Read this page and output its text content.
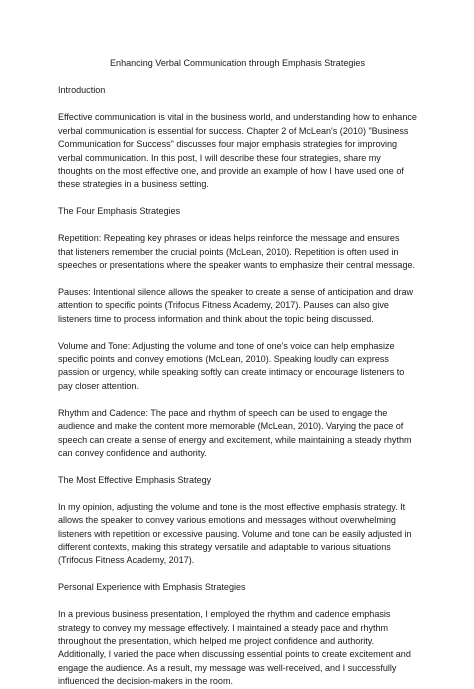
Enhancing Verbal Communication through Emphasis Strategies
Introduction
Effective communication is vital in the business world, and understanding how to enhance verbal communication is essential for success. Chapter 2 of McLean's (2010) "Business Communication for Success" discusses four major emphasis strategies for improving verbal communication. In this post, I will describe these four strategies, share my thoughts on the most effective one, and provide an example of how I have used one of these strategies in a business setting.
The Four Emphasis Strategies
Repetition: Repeating key phrases or ideas helps reinforce the message and ensures that listeners remember the crucial points (McLean, 2010). Repetition is often used in speeches or presentations where the speaker wants to emphasize their central message.
Pauses: Intentional silence allows the speaker to create a sense of anticipation and draw attention to specific points (Trifocus Fitness Academy, 2017). Pauses can also give listeners time to process information and think about the topic being discussed.
Volume and Tone: Adjusting the volume and tone of one's voice can help emphasize specific points and convey emotions (McLean, 2010). Speaking loudly can express passion or urgency, while speaking softly can create intimacy or encourage listeners to pay closer attention.
Rhythm and Cadence: The pace and rhythm of speech can be used to engage the audience and make the content more memorable (McLean, 2010). Varying the pace of speech can create a sense of energy and excitement, while maintaining a steady rhythm can convey confidence and authority.
The Most Effective Emphasis Strategy
In my opinion, adjusting the volume and tone is the most effective emphasis strategy. It allows the speaker to convey various emotions and messages without overwhelming listeners with repetition or excessive pausing. Volume and tone can be easily adjusted in different contexts, making this strategy versatile and adaptable to various situations (Trifocus Fitness Academy, 2017).
Personal Experience with Emphasis Strategies
In a previous business presentation, I employed the rhythm and cadence emphasis strategy to convey my message effectively. I maintained a steady pace and rhythm throughout the presentation, which helped me project confidence and authority. Additionally, I varied the pace when discussing essential points to create excitement and engage the audience. As a result, my message was well-received, and I successfully influenced the decision-makers in the room.
